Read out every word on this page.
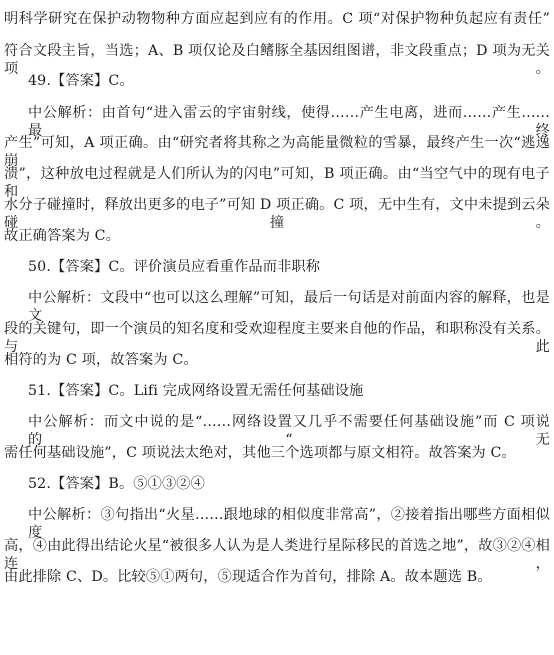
明科学研究在保护动物物种方面应起到应有的作用。C 项“对保护物种负起应有责任”
符合文段主旨，当选；A、B 项仅论及白鳍豚全基因组图谱，非文段重点；D 项为无关项。
49.【答案】C。
中公解析：由首句“进入雷云的宇宙射线，使得……产生电离，进而……产生……最终
产生”可知，A 项正确。由“研究者将其称之为高能量微粒的雪暴，最终产生一次“逃逸崩
溃”，这种放电过程就是人们所认为的闪电”可知，B 项正确。由“当空气中的现有电子和
水分子碰撞时，释放出更多的电子”可知 D 项正确。C 项，无中生有，文中未提到云朵碰撞。
故正确答案为 C。
50.【答案】C。评价演员应看重作品而非职称
中公解析：文段中“也可以这么理解”可知，最后一句话是对前面内容的解释，也是文
段的关键句，即一个演员的知名度和受欢迎程度主要来自他的作品，和职称没有关系。与此
相符的为 C 项，故答案为 C。
51.【答案】C。Lifi 完成网络设置无需任何基础设施
中公解析：而文中说的是“……网络设置又几乎不需要任何基础设施”而 C 项说的“无
需任何基础设施”，C 项说法太绝对，其他三个选项都与原文相符。故答案为 C。
52.【答案】B。⑤①③②④
中公解析：③句指出“火星……跟地球的相似度非常高”，②接着指出哪些方面相似度
高，④由此得出结论火星“被很多人认为是人类进行星际移民的首选之地”，故③②④相连，
由此排除 C、D。比较⑤①两句，⑤现适合作为首句，排除 A。故本题选 B。
